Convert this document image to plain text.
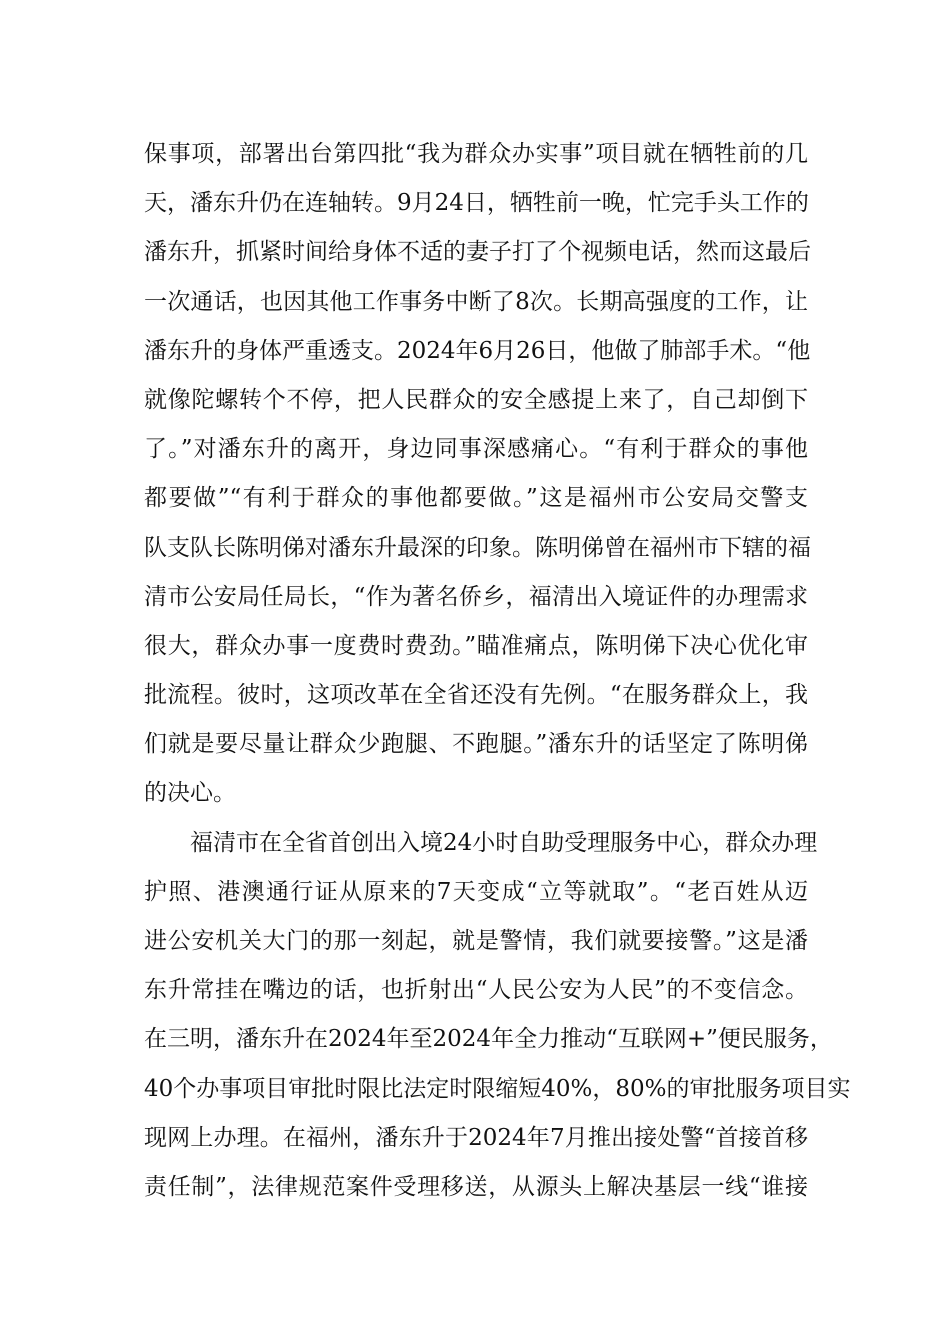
保事项，部署出台第四批“我为群众办实事”项目就在牺牲前的几
天，潘东升仍在连轴转。9月24日，牺牲前一晚，忙完手头工作的
潘东升，抓紧时间给身体不适的妻子打了个视频电话，然而这最后
一次通话，也因其他工作事务中断了8次。长期高强度的工作，让
潘东升的身体严重透支。2024年6月26日，他做了肺部手术。“他
就像陀螺转个不停，把人民群众的安全感提上来了，自己却倒下
了。”对潘东升的离开，身边同事深感痛心。“有利于群众的事他
都要做”“有利于群众的事他都要做。”这是福州市公安局交警支
队支队长陈明俤对潘东升最深的印象。陈明俤曾在福州市下辖的福
清市公安局任局长，“作为著名侨乡，福清出入境证件的办理需求
很大，群众办事一度费时费劲。”瞄准痛点，陈明俤下决心优化审
批流程。彼时，这项改革在全省还没有先例。“在服务群众上，我
们就是要尽量让群众少跑腿、不跑腿。”潘东升的话坚定了陈明俤
的决心。
福清市在全省首创出入境24小时自助受理服务中心，群众办理
护照、港澳通行证从原来的7天变成“立等就取”。“老百姓从迈
进公安机关大门的那一刻起，就是警情，我们就要接警。”这是潘
东升常挂在嘴边的话，也折射出“人民公安为人民”的不变信念。
在三明，潘东升在2024年至2024年全力推动“互联网+”便民服务，
40个办事项目审批时限比法定时限缩短40%，80%的审批服务项目实
现网上办理。在福州，潘东升于2024年7月推出接处警“首接首移
责任制”，法律规范案件受理移送，从源头上解决基层一线“谁接
